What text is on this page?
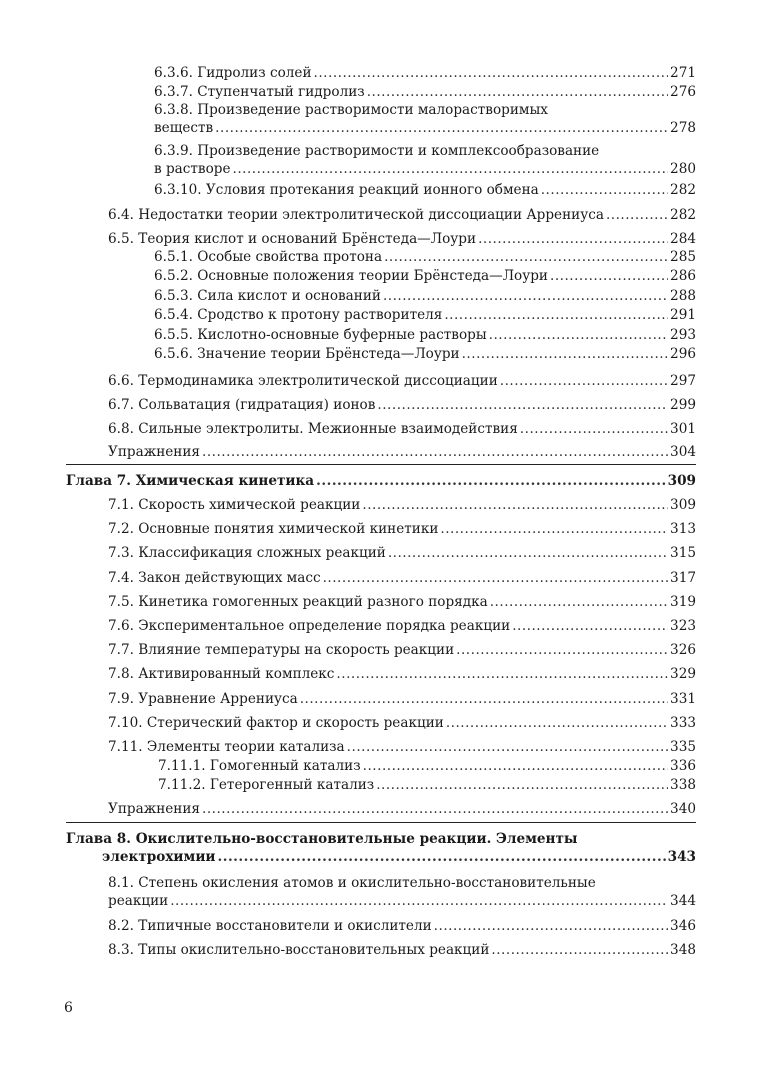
6.3.6. Гидролиз солей .....	271
6.3.7. Ступенчатый гидролиз .....	276
6.3.8. Произведение растворимости малорастворимых
веществ .....	278
6.3.9. Произведение растворимости и комплексообразование
в растворе .....	280
6.3.10. Условия протекания реакций ионного обмена .....	282
6.4. Недостатки теории электролитической диссоциации Аррениуса .....	282
6.5. Теория кислот и оснований Брёнстеда—Лоури .....	284
6.5.1. Особые свойства протона .....	285
6.5.2. Основные положения теории Брёнстеда—Лоури .....	286
6.5.3. Сила кислот и оснований .....	288
6.5.4. Сродство к протону растворителя .....	291
6.5.5. Кислотно-основные буферные растворы .....	293
6.5.6. Значение теории Брёнстеда—Лоури .....	296
6.6. Термодинамика электролитической диссоциации .....	297
6.7. Сольватация (гидратация) ионов .....	299
6.8. Сильные электролиты. Межионные взаимодействия .....	301
Упражнения .....	304
Глава 7. Химическая кинетика .....	309
7.1. Скорость химической реакции .....	309
7.2. Основные понятия химической кинетики .....	313
7.3. Классификация сложных реакций .....	315
7.4. Закон действующих масс .....	317
7.5. Кинетика гомогенных реакций разного порядка .....	319
7.6. Экспериментальное определение порядка реакции .....	323
7.7. Влияние температуры на скорость реакции .....	326
7.8. Активированный комплекс .....	329
7.9. Уравнение Аррениуса .....	331
7.10. Стерический фактор и скорость реакции .....	333
7.11. Элементы теории катализа .....	335
7.11.1. Гомогенный катализ .....	336
7.11.2. Гетерогенный катализ .....	338
Упражнения .....	340
Глава 8. Окислительно-восстановительные реакции. Элементы
электрохимии .....	343
8.1. Степень окисления атомов и окислительно-восстановительные
реакции .....	344
8.2. Типичные восстановители и окислители .....	346
8.3. Типы окислительно-восстановительных реакций .....	348
6
